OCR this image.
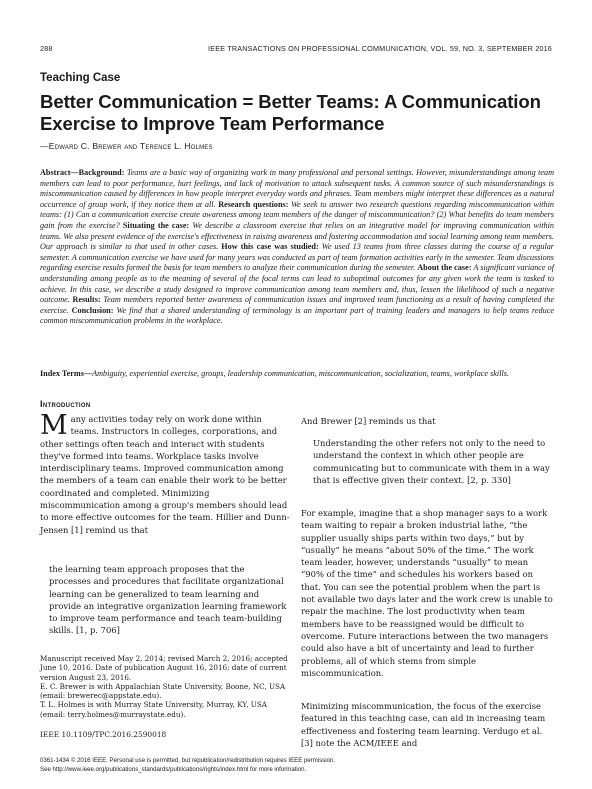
288	IEEE TRANSACTIONS ON PROFESSIONAL COMMUNICATION, VOL. 59, NO. 3, SEPTEMBER 2016
Teaching Case
Better Communication = Better Teams: A Communication
Exercise to Improve Team Performance
—Edward C. Brewer and Terence L. Holmes
Abstract—Background: Teams are a basic way of organizing work in many professional and personal settings. However, misunderstandings among team members can lead to poor performance, hurt feelings, and lack of motivation to attack subsequent tasks. A common source of such misunderstandings is miscommunication caused by differences in how people interpret everyday words and phrases. Team members might interpret these differences as a natural occurrence of group work, if they notice them at all. Research questions: We seek to answer two research questions regarding miscommunication within teams: (1) Can a communication exercise create awareness among team members of the danger of miscommunication? (2) What benefits do team members gain from the exercise? Situating the case: We describe a classroom exercise that relies on an integrative model for improving communication within teams. We also present evidence of the exercise's effectiveness in raising awareness and fostering accommodation and social learning among team members. Our approach is similar to that used in other cases. How this case was studied: We used 13 teams from three classes during the course of a regular semester. A communication exercise we have used for many years was conducted as part of team formation activities early in the semester. Team discussions regarding exercise results formed the basis for team members to analyze their communication during the semester. About the case: A significant variance of understanding among people as to the meaning of several of the focal terms can lead to suboptimal outcomes for any given work the team is tasked to achieve. In this case, we describe a study designed to improve communication among team members and, thus, lessen the likelihood of such a negative outcome. Results: Team members reported better awareness of communication issues and improved team functioning as a result of having completed the exercise. Conclusion: We find that a shared understanding of terminology is an important part of training leaders and managers to help teams reduce common miscommunication problems in the workplace.
Index Terms—Ambiguity, experiential exercise, groups, leadership communication, miscommunication, socialization, teams, workplace skills.
Introduction
Many activities today rely on work done within teams. Instructors in colleges, corporations, and other settings often teach and interact with students they've formed into teams. Workplace tasks involve interdisciplinary teams. Improved communication among the members of a team can enable their work to be better coordinated and completed. Minimizing miscommunication among a group's members should lead to more effective outcomes for the team. Hillier and Dunn-Jensen [1] remind us that
the learning team approach proposes that the processes and procedures that facilitate organizational learning can be generalized to team learning and provide an integrative organization learning framework to improve team performance and teach team-building skills. [1, p. 706]
Manuscript received May 2, 2014; revised March 2, 2016; accepted June 10, 2016. Date of publication August 16, 2016; date of current version August 23, 2016.
E. C. Brewer is with Appalachian State University, Boone, NC, USA (email: brewerec@appstate.edu).
T. L. Holmes is with Murray State University, Murray, KY, USA (email: terry.holmes@murraystate.edu).
IEEE 10.1109/TPC.2016.2590018
And Brewer [2] reminds us that
Understanding the other refers not only to the need to understand the context in which other people are communicating but to communicate with them in a way that is effective given their context. [2, p. 330]
For example, imagine that a shop manager says to a work team waiting to repair a broken industrial lathe, “the supplier usually ships parts within two days,” but by “usually” he means “about 50% of the time.” The work team leader, however, understands “usually” to mean “90% of the time” and schedules his workers based on that. You can see the potential problem when the part is not available two days later and the work crew is unable to repair the machine. The lost productivity when team members have to be reassigned would be difficult to overcome. Future interactions between the two managers could also have a bit of uncertainty and lead to further problems, all of which stems from simple miscommunication.
Minimizing miscommunication, the focus of the exercise featured in this teaching case, can aid in increasing team effectiveness and fostering team learning. Verdugo et al. [3] note the ACM/IEEE and
0361-1434 © 2016 IEEE. Personal use is permitted, but republication/redistribution requires IEEE permission.
See http://www.ieee.org/publications_standards/publications/rights/index.html for more information.
